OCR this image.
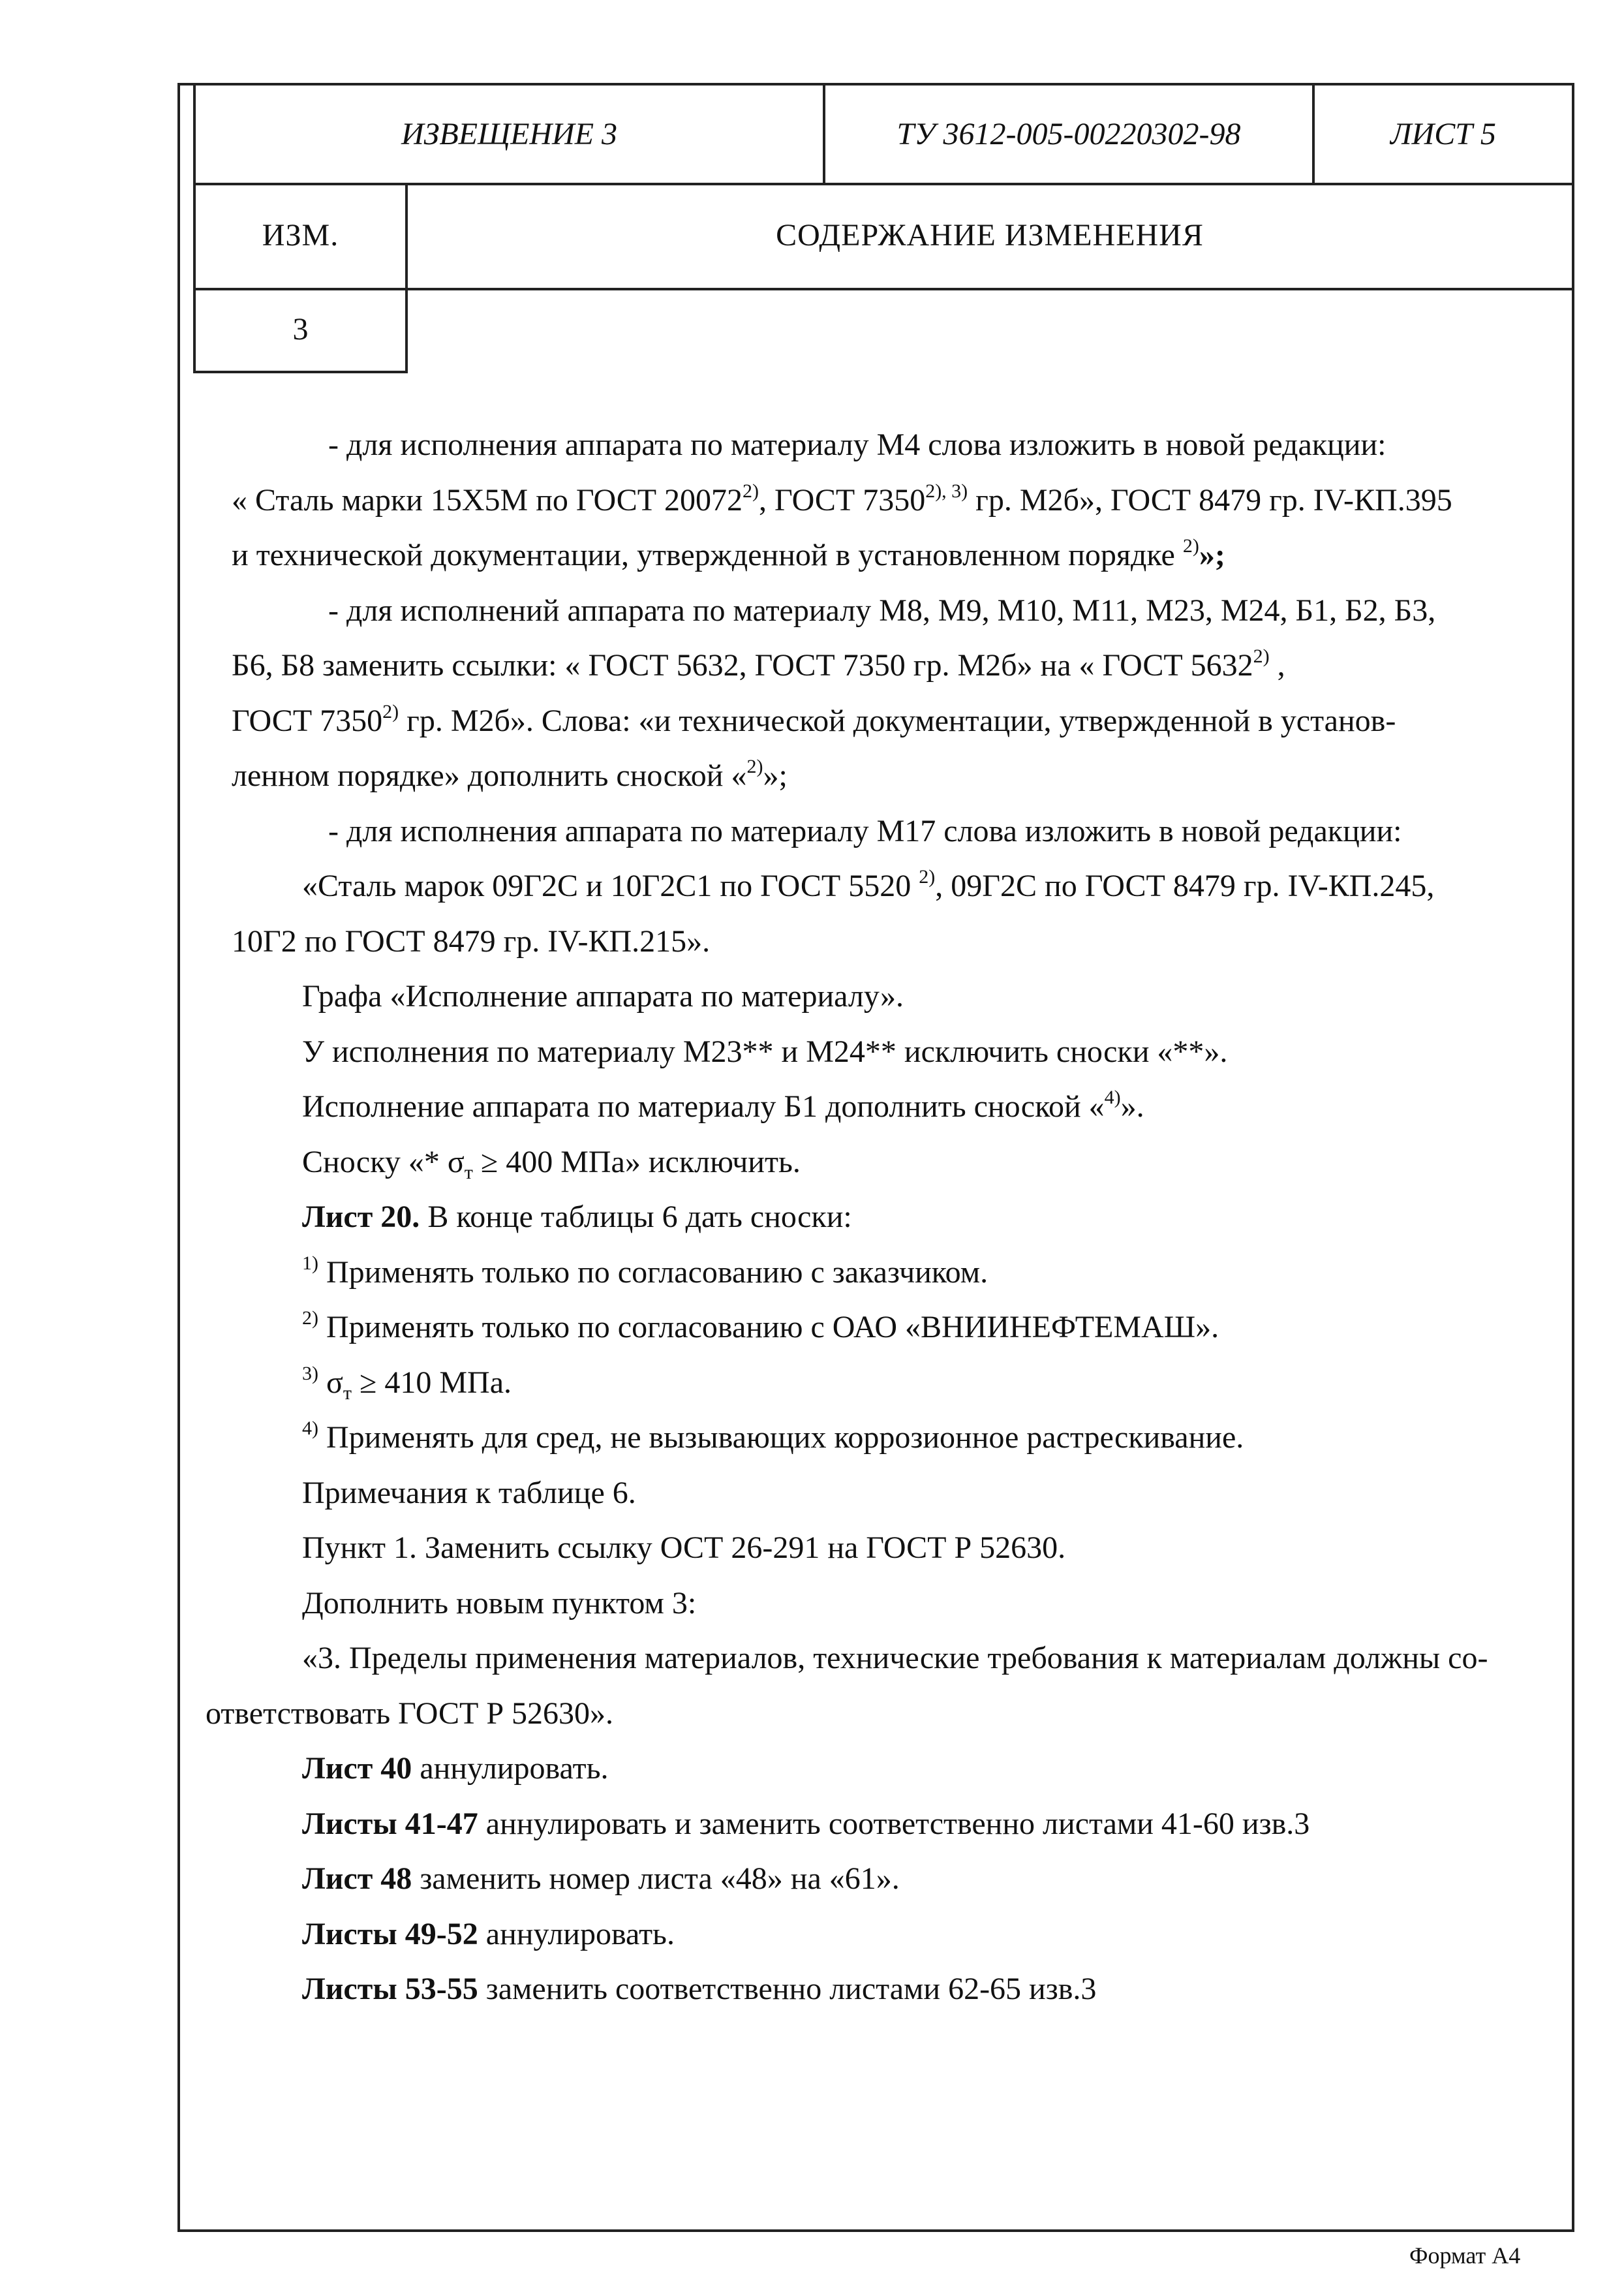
ИЗВЕЩЕНИЕ 3	ТУ 3612-005-00220302-98	ЛИСТ 5
ИЗМ.	СОДЕРЖАНИЕ ИЗМЕНЕНИЯ
3
- для исполнения аппарата по материалу М4 слова изложить в новой редакции:
« Сталь марки 15Х5М по ГОСТ 20072$^{2)}$, ГОСТ $7350^{2), 3)}$ гр. М2б», ГОСТ 8479 гр. IV-КП.395
и технической документации, утвержденной в установленном порядке $^{2)}$»;
- для исполнений аппарата по материалу М8, М9, М10, М11, М23, М24, Б1, Б2, Б3,
Б6, Б8 заменить ссылки: « ГОСТ 5632, ГОСТ 7350 гр. М2б» на « ГОСТ 5632$^{2)}$ ,
ГОСТ 7350$^{2)}$ гр. М2б». Слова: «и технической документации, утвержденной в установ-
ленном порядке» дополнить сноской «$^{2)}$»;
- для исполнения аппарата по материалу М17 слова изложить в новой редакции:
«Сталь марок 09Г2С и 10Г2С1 по ГОСТ 5520 $^{2)}$, 09Г2С по ГОСТ 8479 гр. IV-КП.245,
10Г2 по ГОСТ 8479 гр. IV-КП.215».
Графа «Исполнение аппарата по материалу».
У исполнения по материалу М23** и М24** исключить сноски «**».
Исполнение аппарата по материалу Б1 дополнить сноской «$^{4)}$».
Сноску «* $\sigma_т \ge 400$ МПа» исключить.
Лист 20. В конце таблицы 6 дать сноски:
$^{1)}$ Применять только по согласованию с заказчиком.
$^{2)}$ Применять только по согласованию с ОАО «ВНИИНЕФТЕМАШ».
$^{3)}$ $\sigma_т \ge 410$ МПа.
$^{4)}$ Применять для сред, не вызывающих коррозионное растрескивание.
Примечания к таблице 6.
Пункт 1. Заменить ссылку ОСТ 26-291 на ГОСТ Р 52630.
Дополнить новым пунктом 3:
«3. Пределы применения материалов, технические требования к материалам должны со-
ответствовать ГОСТ Р 52630».
Лист 40 аннулировать.
Листы 41-47 аннулировать и заменить соответственно листами 41-60 изв.3
Лист 48 заменить номер листа «48» на «61».
Листы 49-52 аннулировать.
Листы 53-55 заменить соответственно листами 62-65 изв.3
Формат А4
